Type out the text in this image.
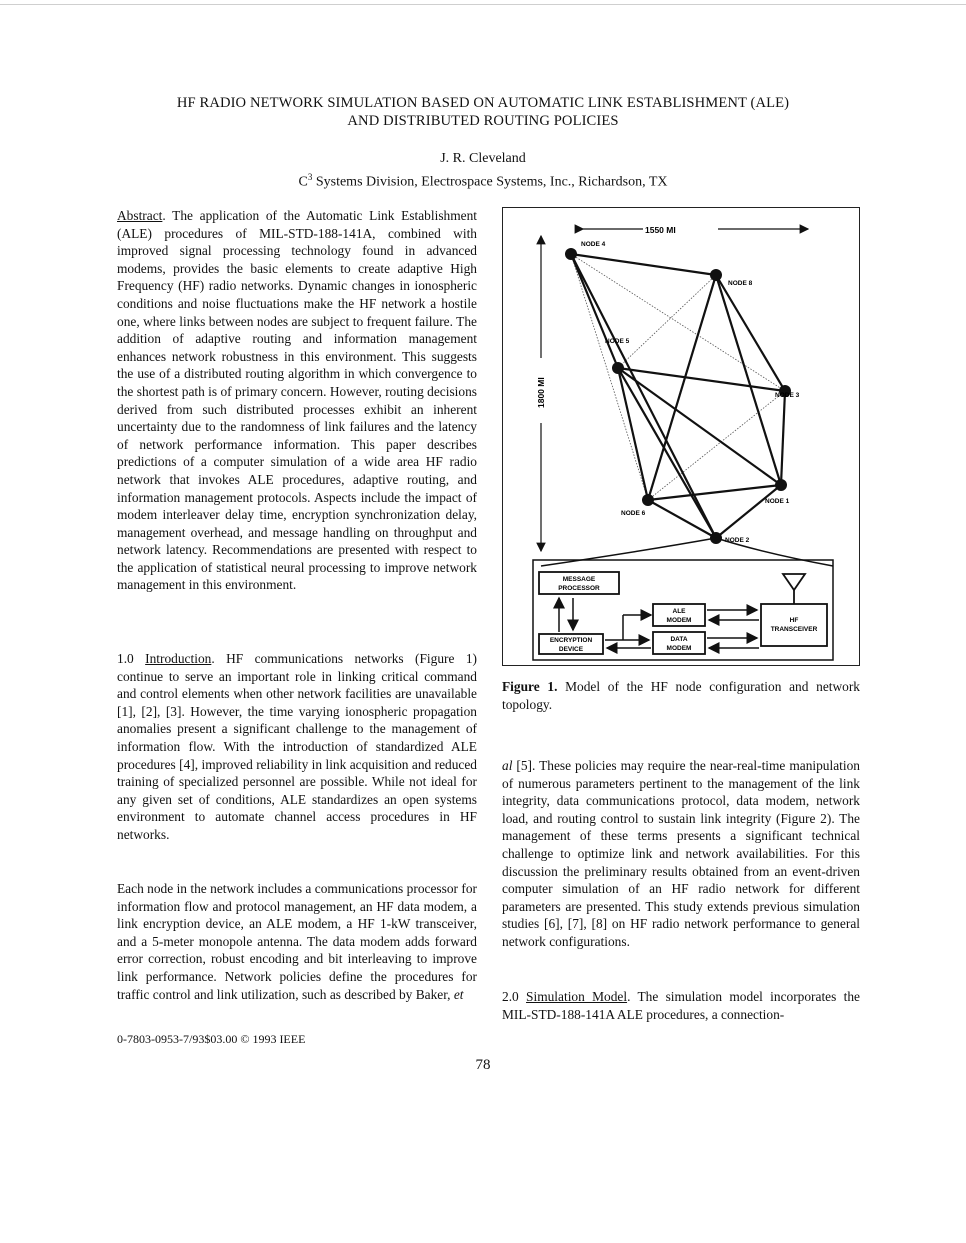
HF RADIO NETWORK SIMULATION BASED ON AUTOMATIC LINK ESTABLISHMENT (ALE)
AND DISTRIBUTED ROUTING POLICIES
J. R. Cleveland
$C^3$ Systems Division, Electrospace Systems, Inc., Richardson, TX

Abstract. The application of the Automatic Link Establishment (ALE) procedures of MIL-STD-188-141A, combined with improved signal processing technology found in advanced modems, provides the basic elements to create adaptive High Frequency (HF) radio networks. Dynamic changes in ionospheric conditions and noise fluctuations make the HF network a hostile one, where links between nodes are subject to frequent failure. The addition of adaptive routing and information management enhances network robustness in this environment. This suggests the use of a distributed routing algorithm in which convergence to the shortest path is of primary concern. However, routing decisions derived from such distributed processes exhibit an inherent uncertainty due to the randomness of link failures and the latency of network performance information. This paper describes predictions of a computer simulation of a wide area HF radio network that invokes ALE procedures, adaptive routing, and information management protocols. Aspects include the impact of modem interleaver delay time, encryption synchronization delay, management overhead, and message handling on throughput and network latency. Recommendations are presented with respect to the application of statistical neural processing to improve network management in this environment.

1.0 Introduction. HF communications networks (Figure 1) continue to serve an important role in linking critical command and control elements when other network facilities are unavailable [1], [2], [3]. However, the time varying ionospheric propagation anomalies present a significant challenge to the management of information flow. With the introduction of standardized ALE procedures [4], improved reliability in link acquisition and reduced training of specialized personnel are possible. While not ideal for any given set of conditions, ALE standardizes an open systems environment to automate channel access procedures in HF networks.

Each node in the network includes a communications processor for information flow and protocol management, an HF data modem, a link encryption device, an ALE modem, a HF 1-kW transceiver, and a 5-meter monopole antenna. The data modem adds forward error correction, robust encoding and bit interleaving to improve link performance. Network policies define the procedures for traffic control and link utilization, such as described by Baker, et

1550 MI
1800 MI
NODE 4
NODE 8
NODE 5
NODE 3
NODE 6
NODE 1
NODE 2
MESSAGE
PROCESSOR
ENCRYPTION
DEVICE
ALE
MODEM
DATA
MODEM
HF
TRANSCEIVER
Figure 1. Model of the HF node configuration and network topology.

al [5]. These policies may require the near-real-time manipulation of numerous parameters pertinent to the management of the link integrity, data communications protocol, data modem, network load, and routing control to sustain link integrity (Figure 2). The management of these terms presents a significant technical challenge to optimize link and network availabilities. For this discussion the preliminary results obtained from an event-driven computer simulation of an HF radio network for different parameters are presented. This study extends previous simulation studies [6], [7], [8] on HF radio network performance to general network configurations.

2.0 Simulation Model. The simulation model incorporates the MIL-STD-188-141A ALE procedures, a connection-

0-7803-0953-7/93$03.00 © 1993 IEEE
78
